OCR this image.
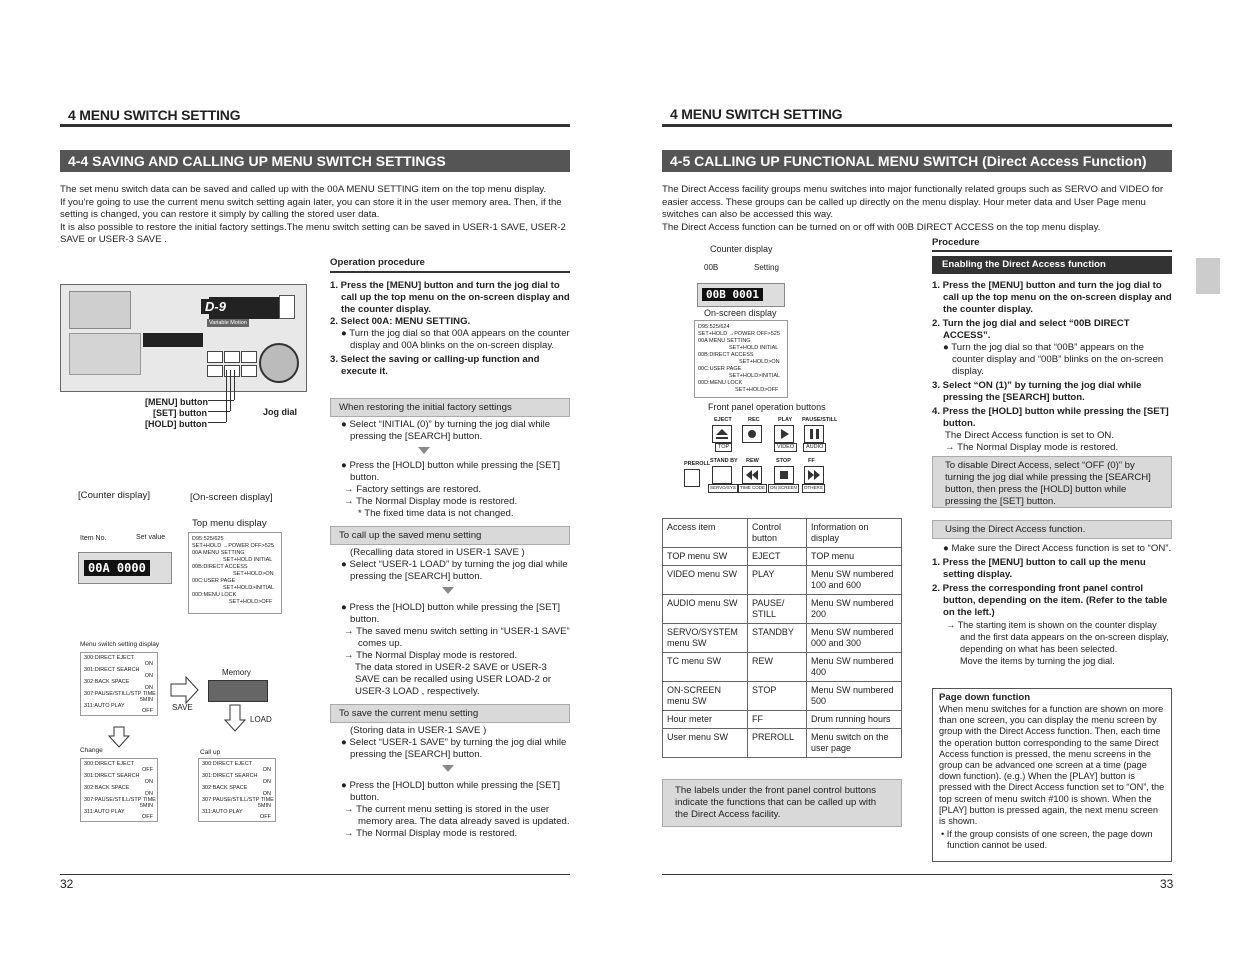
4 MENU SWITCH SETTING
4-4 SAVING AND CALLING UP MENU SWITCH SETTINGS
The set menu switch data can be saved and called up with the 00A MENU SETTING item on the top menu display.
If you’re going to use the current menu switch setting again later, you can store it in the user memory area. Then, if the setting is changed, you can restore it simply by calling the stored user data.
It is also possible to restore the initial factory settings.The menu switch setting can be saved in USER-1 SAVE, USER-2 SAVE or USER-3 SAVE .
D-9
Variable Motion
[MENU] button
[SET] button
[HOLD] button
Jog dial
[Counter display]	[On-screen display]
Top menu display
Item No.	Set value
00A 0000
D95:525/625
SET+HOLD →POWER OFF>525
00A MENU SETTING
SET+HOLD INITIAL
00B:DIRECT ACCESS
SET+HOLD>ON
00C:USER PAGE
SET+HOLD>INITIAL
00D:MENU LOCK
SET+HOLD>OFF
Menu switch setting display
300:DIRECT EJECT
ON
301:DIRECT SEARCH
ON
302:BACK SPACE
ON
307:PAUSE/STILL/STP TIME
5MIN
311:AUTO PLAY
OFF
Memory
SAVE
LOAD
Change	Call up
300:DIRECT EJECT
OFF
301:DIRECT SEARCH
ON
302:BACK SPACE
ON
307:PAUSE/STILL/STP TIME
5MIN
311:AUTO PLAY
OFF
300:DIRECT EJECT
ON
301:DIRECT SEARCH
ON
302:BACK SPACE
ON
307:PAUSE/STILL/STP TIME
5MIN
311:AUTO PLAY
OFF
Operation procedure
1. Press the [MENU] button and turn the jog dial to call up the top menu on the on-screen display and the counter display.
2. Select 00A: MENU SETTING.
● Turn the jog dial so that 00A appears on the counter display and 00A blinks on the on-screen display.
3. Select the saving or calling-up function and execute it.
When restoring the initial factory settings
● Select “INITIAL (0)” by turning the jog dial while pressing the [SEARCH] button.
● Press the [HOLD] button while pressing the [SET] button.
→ Factory settings are restored.
→ The Normal Display mode is restored.
* The fixed time data is not changed.
To call up the saved menu setting
(Recalling data stored in USER-1 SAVE )
● Select “USER-1 LOAD” by turning the jog dial while pressing the [SEARCH] button.
● Press the [HOLD] button while pressing the [SET] button.
→ The saved menu switch setting in “USER-1 SAVE” comes up.
→ The Normal Display mode is restored.
The data stored in USER-2 SAVE or USER-3 SAVE can be recalled using USER LOAD-2 or USER-3 LOAD , respectively.
To save the current menu setting
(Storing data in USER-1 SAVE )
● Select “USER-1 SAVE” by turning the jog dial while pressing the [SEARCH] button.
● Press the [HOLD] button while pressing the [SET] button.
→ The current menu setting is stored in the user memory area. The data already saved is updated.
→ The Normal Display mode is restored.
32
4 MENU SWITCH SETTING
4-5 CALLING UP FUNCTIONAL MENU SWITCH (Direct Access Function)
The Direct Access facility groups menu switches into major functionally related groups such as SERVO and VIDEO for easier access. These groups can be called up directly on the menu display. Hour meter data and User Page menu switches can also be accessed this way.
The Direct Access function can be turned on or off with 00B DIRECT ACCESS on the top menu display.
Counter display
00B	Setting
00B 0001
On-screen display
D95:525/624
SET+HOLD →POWER OFF>525
00A MENU SETTING
SET+HOLD INITIAL
00B:DIRECT ACCESS
SET+HOLD>ON
00C:USER PAGE
SET+HOLD>INITIAL
00D:MENU LOCK
SET+HOLD>OFF
Front panel operation buttons
EJECT	REC	PLAY PAUSE/STILL
TOP	VIDEO	AUDIO
PREROLL STAND BY REW	STOP	FF
SERVO/SYS TIME CODE	ON SCREEN	OTHERS
Access item	Control button	Information on display
TOP menu SW	EJECT	TOP menu
VIDEO menu SW	PLAY	Menu SW numbered 100 and 600
AUDIO menu SW	PAUSE/ STILL	Menu SW numbered 200
SERVO/SYSTEM menu SW	STANDBY	Menu SW numbered 000 and 300
TC menu SW	REW	Menu SW numbered 400
ON-SCREEN menu SW	STOP	Menu SW numbered 500
Hour meter	FF	Drum running hours
User menu SW	PREROLL	Menu switch on the user page
The labels under the front panel control buttons indicate the functions that can be called up with the Direct Access facility.
Procedure
Enabling the Direct Access function
1. Press the [MENU] button and turn the jog dial to call up the top menu on the on-screen display and the counter display.
2. Turn the jog dial and select “00B DIRECT ACCESS”.
● Turn the jog dial so that “00B” appears on the counter display and “00B” blinks on the on-screen display.
3. Select “ON (1)” by turning the jog dial while pressing the [SEARCH] button.
4. Press the [HOLD] button while pressing the [SET] button.
The Direct Access function is set to ON.
→ The Normal Display mode is restored.
To disable Direct Access, select “OFF (0)” by turning the jog dial while pressing the [SEARCH] button, then press the [HOLD] button while pressing the [SET] button.
Using the Direct Access function.
● Make sure the Direct Access function is set to “ON”.
1. Press the [MENU] button to call up the menu setting display.
2. Press the corresponding front panel control button, depending on the item. (Refer to the table on the left.)
→ The starting item is shown on the counter display and the first data appears on the on-screen display, depending on what has been selected.
Move the items by turning the jog dial.
Page down function
When menu switches for a function are shown on more than one screen, you can display the menu screen by group with the Direct Access function. Then, each time the operation button corresponding to the same Direct Access function is pressed, the menu screens in the group can be advanced one screen at a time (page down function). (e.g.) When the [PLAY] button is pressed with the Direct Access function set to “ON”, the top screen of menu switch #100 is shown. When the [PLAY] button is pressed again, the next menu screen is shown.
• If the group consists of one screen, the page down function cannot be used.
33
